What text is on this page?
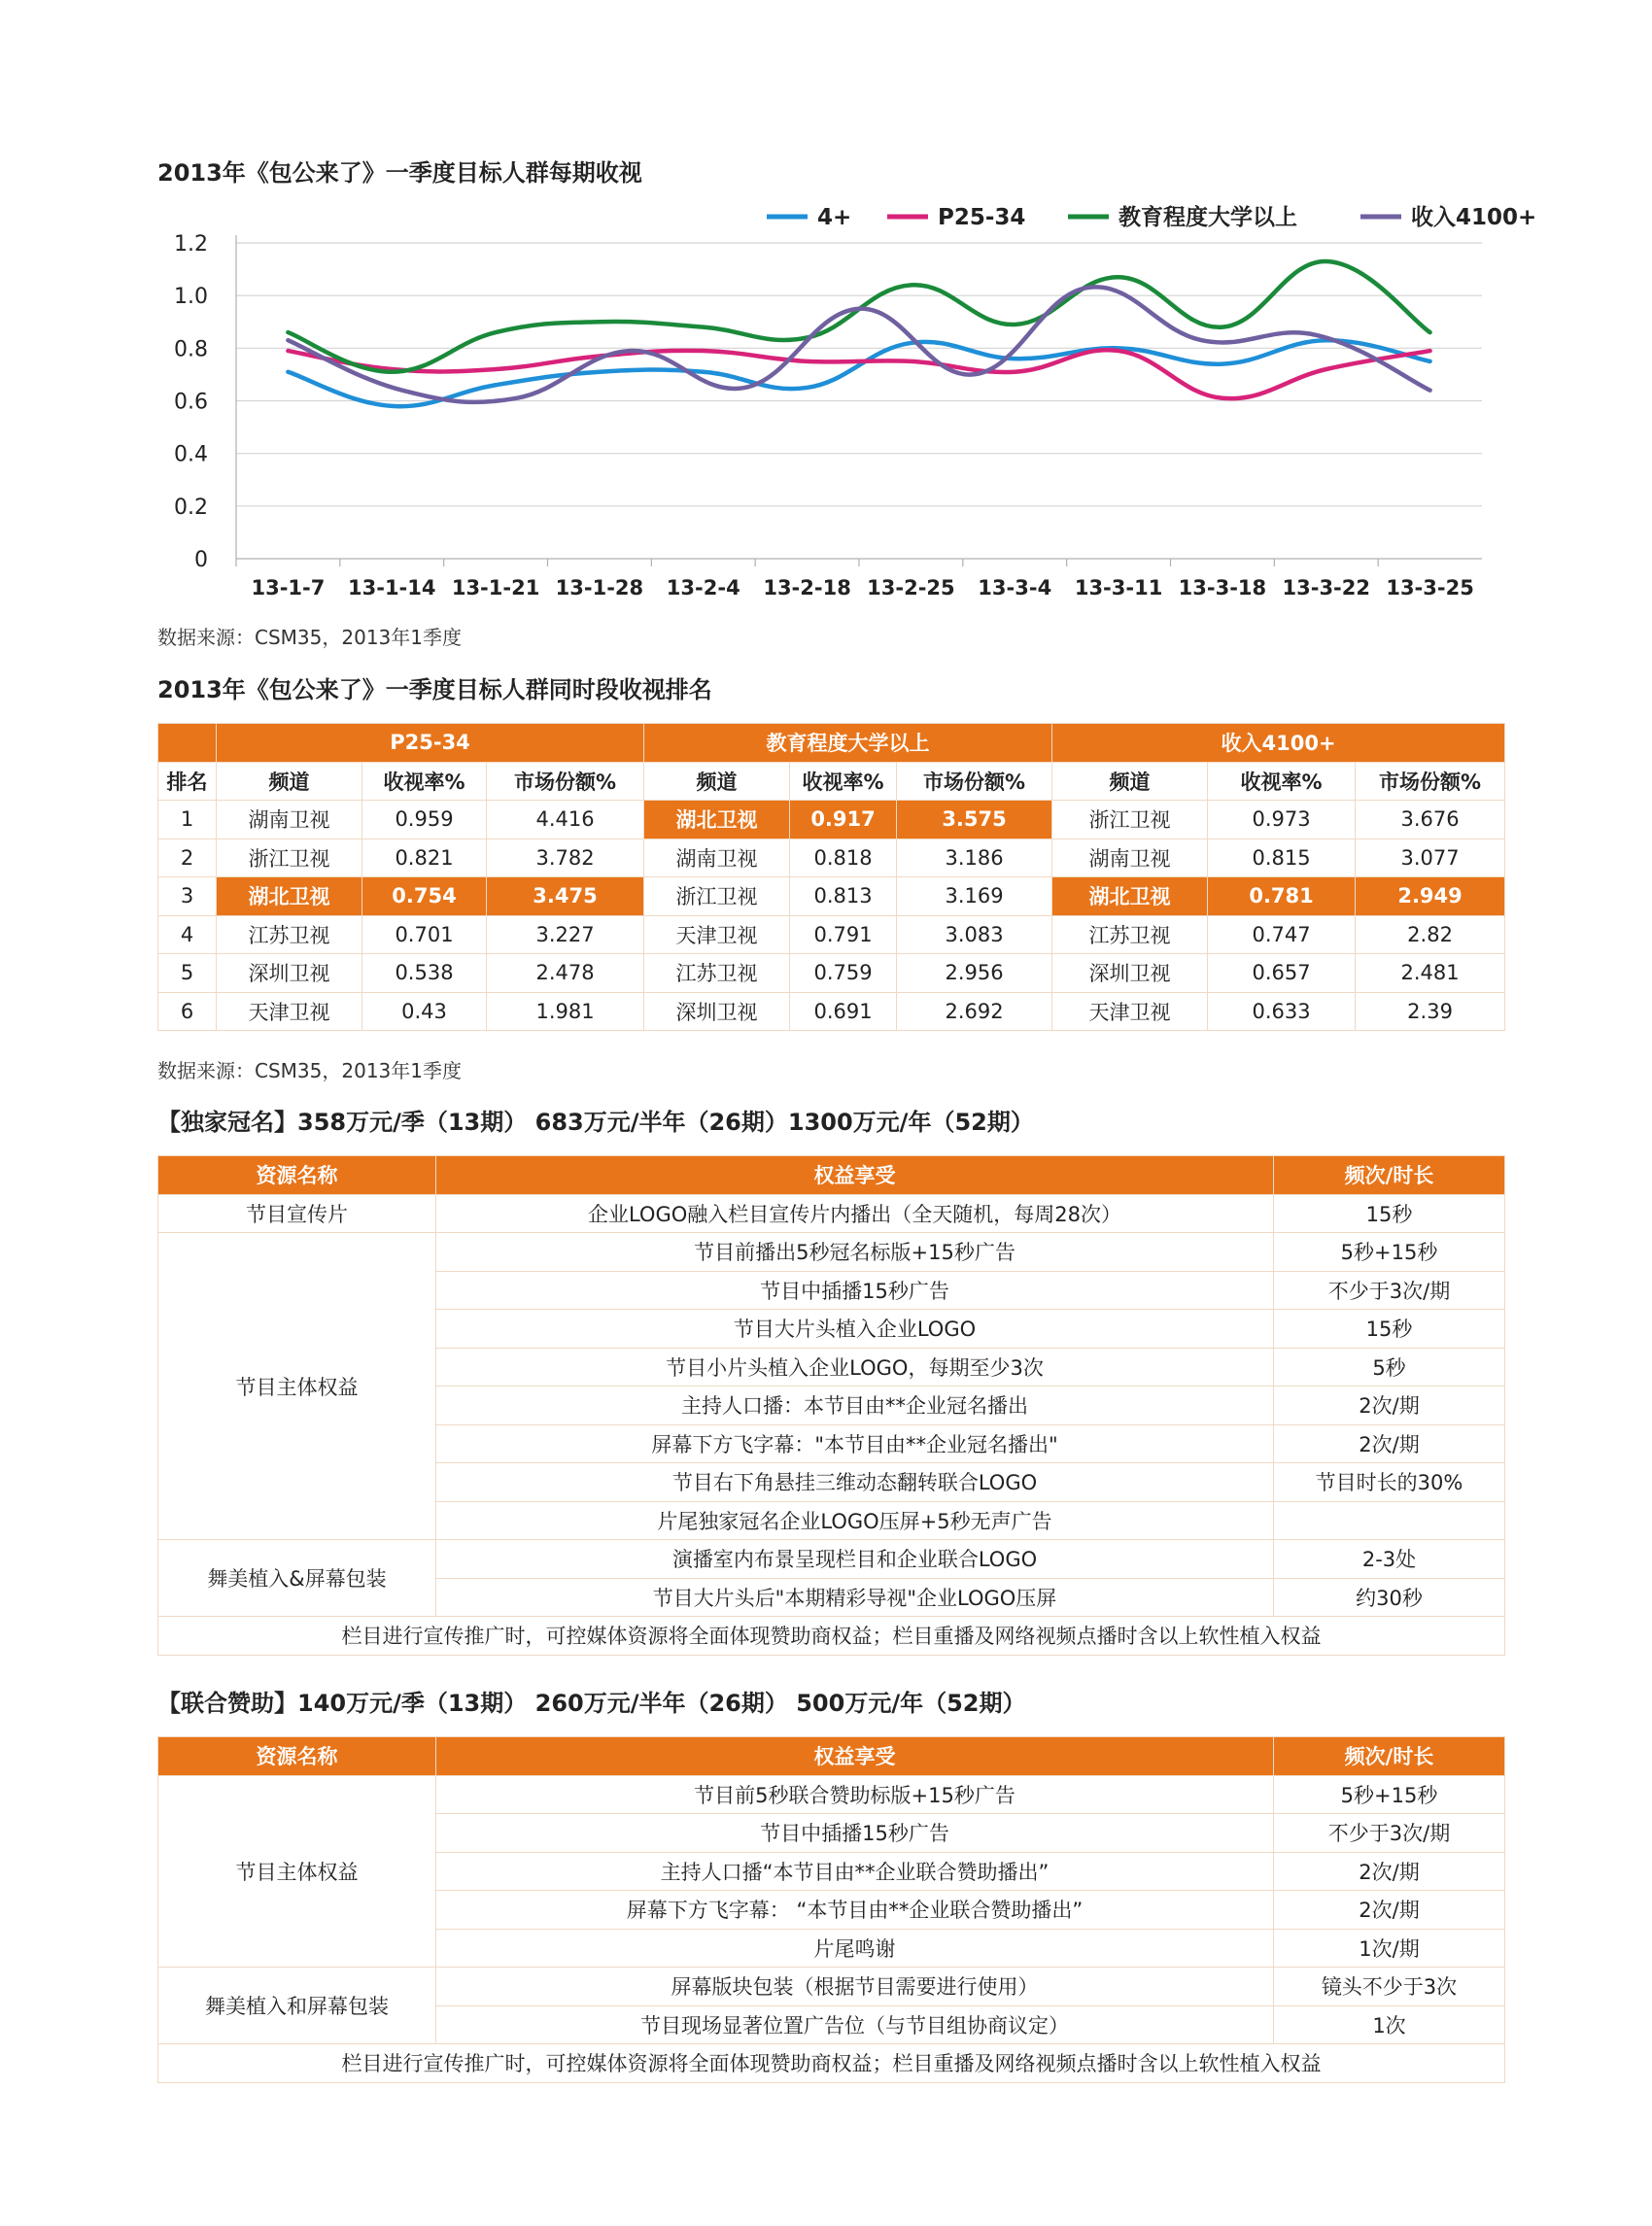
2013年《包公来了》一季度目标人群每期收视
0
0.2
0.4
0.6
0.8
1.0
1.2
13-1-7 13-1-14 13-1-21 13-1-28 13-2-4 13-2-18 13-2-25 13-3-4 13-3-11 13-3-18 13-3-22 13-3-25
4+	P25-34	教育程度大学以上	收入4100+
数据来源：CSM35，2013年1季度
2013年《包公来了》一季度目标人群同时段收视排名
	P25-34			教育程度大学以上			收入4100+		
排名	频道	收视率%	市场份额%	频道	收视率%	市场份额%	频道	收视率%	市场份额%
1	湖南卫视	0.959	4.416	湖北卫视	0.917	3.575	浙江卫视	0.973	3.676
2	浙江卫视	0.821	3.782	湖南卫视	0.818	3.186	湖南卫视	0.815	3.077
3	湖北卫视	0.754	3.475	浙江卫视	0.813	3.169	湖北卫视	0.781	2.949
4	江苏卫视	0.701	3.227	天津卫视	0.791	3.083	江苏卫视	0.747	2.82
5	深圳卫视	0.538	2.478	江苏卫视	0.759	2.956	深圳卫视	0.657	2.481
6	天津卫视	0.43	1.981	深圳卫视	0.691	2.692	天津卫视	0.633	2.39
数据来源：CSM35，2013年1季度
【独家冠名】358万元/季（13期） 683万元/半年（26期）1300万元/年（52期）
资源名称	权益享受	频次/时长
节目宣传片	企业LOGO融入栏目宣传片内播出（全天随机，每周28次）	15秒
节目主体权益	节目前播出5秒冠名标版+15秒广告	5秒+15秒
	节目中插播15秒广告	不少于3次/期
	节目大片头植入企业LOGO	15秒
	节目小片头植入企业LOGO，每期至少3次	5秒
	主持人口播：本节目由**企业冠名播出	2次/期
	屏幕下方飞字幕："本节目由**企业冠名播出"	2次/期
	节目右下角悬挂三维动态翻转联合LOGO	节目时长的30%
	片尾独家冠名企业LOGO压屏+5秒无声广告	
舞美植入&屏幕包装	演播室内布景呈现栏目和企业联合LOGO	2-3处
	节目大片头后"本期精彩导视"企业LOGO压屏	约30秒
栏目进行宣传推广时，可控媒体资源将全面体现赞助商权益；栏目重播及网络视频点播时含以上软性植入权益		
【联合赞助】140万元/季（13期） 260万元/半年（26期） 500万元/年（52期）
资源名称	权益享受	频次/时长
节目主体权益	节目前5秒联合赞助标版+15秒广告	5秒+15秒
	节目中插播15秒广告	不少于3次/期
	主持人口播“本节目由**企业联合赞助播出”	2次/期
	屏幕下方飞字幕： “本节目由**企业联合赞助播出”	2次/期
	片尾鸣谢	1次/期
舞美植入和屏幕包装	屏幕版块包装（根据节目需要进行使用）	镜头不少于3次
	节目现场显著位置广告位（与节目组协商议定）	1次
栏目进行宣传推广时，可控媒体资源将全面体现赞助商权益；栏目重播及网络视频点播时含以上软性植入权益		
